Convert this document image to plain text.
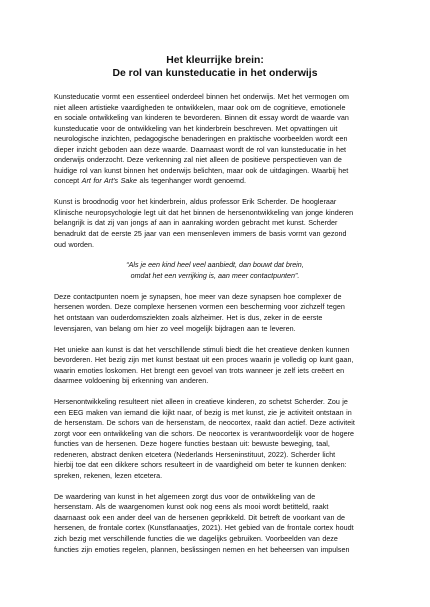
Het kleurrijke brein:
De rol van kunsteducatie in het onderwijs

Kunsteducatie vormt een essentieel onderdeel binnen het onderwijs. Met het vermogen om
niet alleen artistieke vaardigheden te ontwikkelen, maar ook om de cognitieve, emotionele
en sociale ontwikkeling van kinderen te bevorderen. Binnen dit essay wordt de waarde van
kunsteducatie voor de ontwikkeling van het kinderbrein beschreven. Met opvattingen uit
neurologische inzichten, pedagogische benaderingen en praktische voorbeelden wordt een
dieper inzicht geboden aan deze waarde. Daarnaast wordt de rol van kunsteducatie in het
onderwijs onderzocht. Deze verkenning zal niet alleen de positieve perspectieven van de
huidige rol van kunst binnen het onderwijs belichten, maar ook de uitdagingen. Waarbij het
concept Art for Art's Sake als tegenhanger wordt genoemd.

Kunst is broodnodig voor het kinderbrein, aldus professor Erik Scherder. De hoogleraar
Klinische neuropsychologie legt uit dat het binnen de hersenontwikkeling van jonge kinderen
belangrijk is dat zij van jongs af aan in aanraking worden gebracht met kunst. Scherder
benadrukt dat de eerste 25 jaar van een mensenleven immers de basis vormt van gezond
oud worden.

“Als je een kind heel veel aanbiedt, dan bouwt dat brein,
omdat het een verrijking is, aan meer contactpunten”.

Deze contactpunten noem je synapsen, hoe meer van deze synapsen hoe complexer de
hersenen worden. Deze complexe hersenen vormen een bescherming voor zichzelf tegen
het ontstaan van ouderdomsziekten zoals alzheimer. Het is dus, zeker in de eerste
levensjaren, van belang om hier zo veel mogelijk bijdragen aan te leveren.

Het unieke aan kunst is dat het verschillende stimuli biedt die het creatieve denken kunnen
bevorderen. Het bezig zijn met kunst bestaat uit een proces waarin je volledig op kunt gaan,
waarin emoties loskomen. Het brengt een gevoel van trots wanneer je zelf iets creëert en
daarmee voldoening bij erkenning van anderen.

Hersenontwikkeling resulteert niet alleen in creatieve kinderen, zo schetst Scherder. Zou je
een EEG maken van iemand die kijkt naar, of bezig is met kunst, zie je activiteit ontstaan in
de hersenstam. De schors van de hersenstam, de neocortex, raakt dan actief. Deze activiteit
zorgt voor een ontwikkeling van die schors. De neocortex is verantwoordelijk voor de hogere
functies van de hersenen. Deze hogere functies bestaan uit: bewuste beweging, taal,
redeneren, abstract denken etcetera (Nederlands Herseninstituut, 2022). Scherder licht
hierbij toe dat een dikkere schors resulteert in de vaardigheid om beter te kunnen denken:
spreken, rekenen, lezen etcetera.

De waardering van kunst in het algemeen zorgt dus voor de ontwikkeling van de
hersenstam. Als de waargenomen kunst ook nog eens als mooi wordt betitteld, raakt
daarnaast ook een ander deel van de hersenen geprikkeld. Dit betreft de voorkant van de
hersenen, de frontale cortex (Kunstfanaatjes, 2021). Het gebied van de frontale cortex houdt
zich bezig met verschillende functies die we dagelijks gebruiken. Voorbeelden van deze
functies zijn emoties regelen, plannen, beslissingen nemen en het beheersen van impulsen
